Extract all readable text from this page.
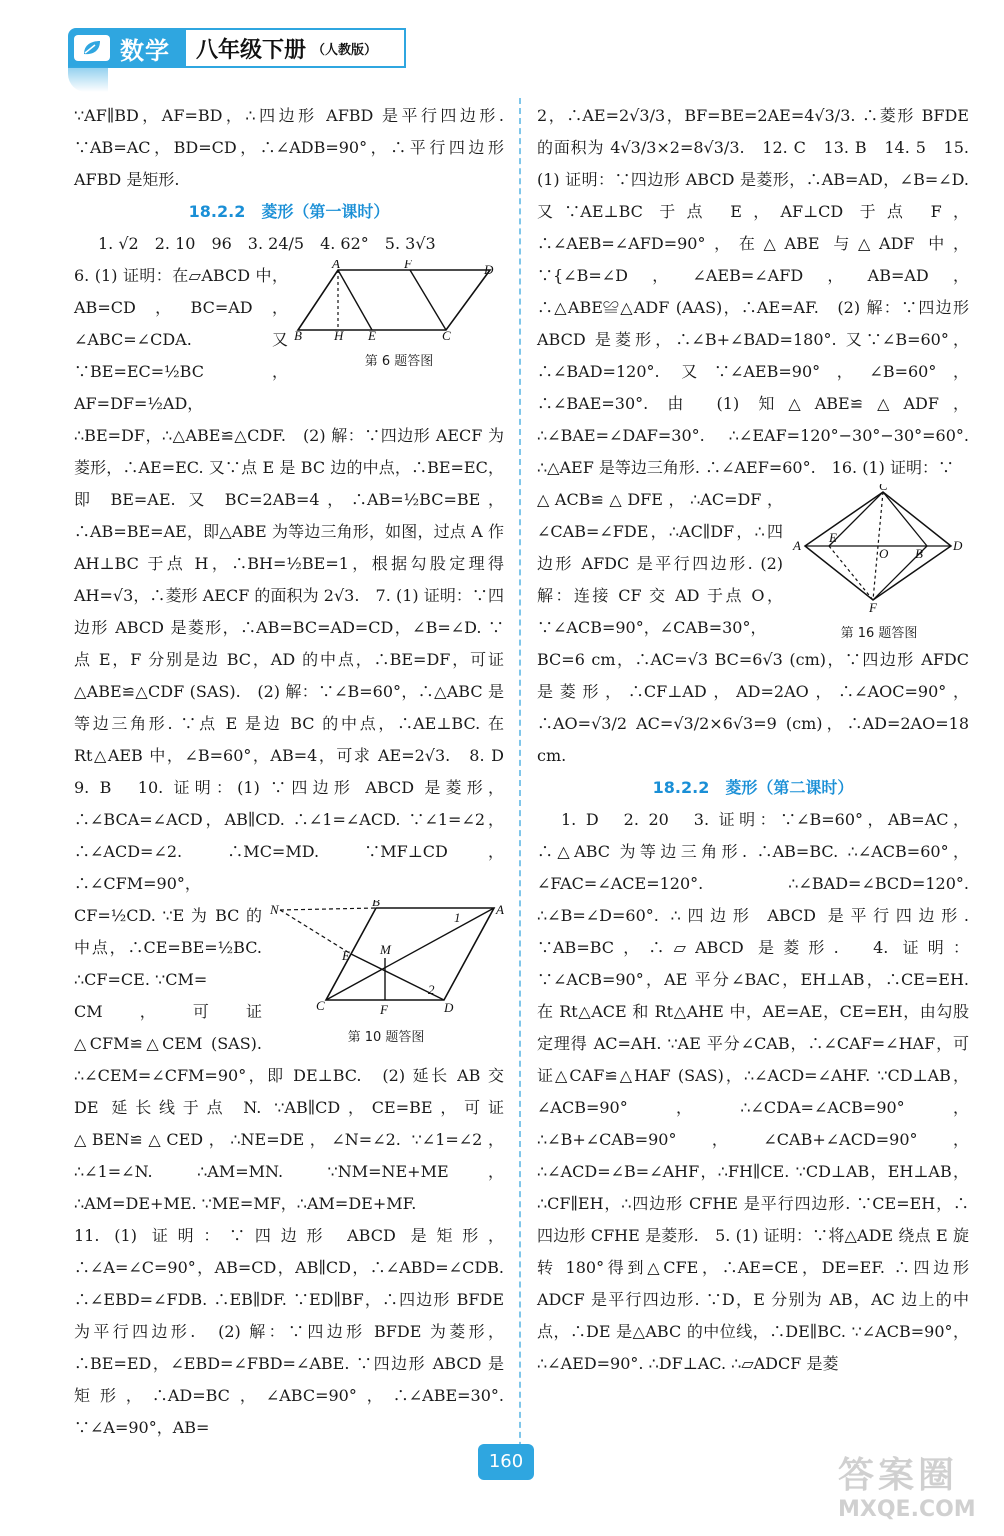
数学 八年级下册 （人教版）

∵AF∥BD，AF=BD，∴四边形 AFBD 是平行四边形. ∵AB=AC，BD=CD，∴∠ADB=90°，∴平行四边形 AFBD 是矩形.

18.2.2　菱形（第一课时）

1. √2　2. 10　96　3. 24/5　4. 62°　5. 3√3

A	F	D
B H E	C
第 6 题答图

6. (1) 证明：在▱ABCD 中，AB=CD，BC=AD，∠ABC=∠CDA. 又∵BE=EC=½BC，AF=DF=½AD，

∴BE=DF，∴△ABE≌△CDF.　(2) 解：∵四边形 AECF 为菱形，∴AE=EC. 又∵点 E 是 BC 边的中点，∴BE=EC，即 BE=AE. 又 BC=2AB=4，∴AB=½BC=BE，∴AB=BE=AE，即△ABE 为等边三角形，如图，过点 A 作 AH⊥BC 于点 H，∴BH=½BE=1，根据勾股定理得 AH=√3，∴菱形 AECF 的面积为 2√3.　7. (1) 证明：∵四边形 ABCD 是菱形，∴AB=BC=AD=CD，∠B=∠D. ∵点 E，F 分别是边 BC，AD 的中点，∴BE=DF，可证△ABE≌△CDF (SAS).　(2) 解：∵∠B=60°，∴△ABC 是等边三角形. ∵点 E 是边 BC 的中点，∴AE⊥BC. 在 Rt△AEB 中，∠B=60°，AB=4，可求 AE=2√3.　8. D　9. B　10. 证明：(1) ∵四边形 ABCD 是菱形，∴∠BCA=∠ACD，AB∥CD. ∴∠1=∠ACD. ∵∠1=∠2，∴∠ACD=∠2. ∴MC=MD. ∵MF⊥CD，∴∠CFM=90°，

N
B
A
E M
C	F	D
1
2
第 10 题答图

CF=½CD. ∵E 为 BC 的中点，∴CE=BE=½BC. ∴CF=CE. ∵CM=

CM，可证△CFM≌△CEM (SAS). ∴∠CEM=∠CFM=90°，即 DE⊥BC.　(2) 延长 AB 交 DE 延长线于点 N. ∵AB∥CD，CE=BE，可证△BEN≌△CED，∴NE=DE，∠N=∠2. ∵∠1=∠2，∴∠1=∠N. ∴AM=MN. ∵NM=NE+ME，∴AM=DE+ME. ∵ME=MF，∴AM=DE+MF.

11. (1) 证明：∵四边形 ABCD 是矩形，∴∠A=∠C=90°，AB=CD，AB∥CD，∴∠ABD=∠CDB. ∴∠EBD=∠FDB. ∴EB∥DF. ∵ED∥BF，∴四边形 BFDE 为平行四边形.　(2) 解：∵四边形 BFDE 为菱形，∴BE=ED，∠EBD=∠FBD=∠ABE. ∵四边形 ABCD 是矩形，∴AD=BC，∠ABC=90°，∴∠ABE=30°. ∵∠A=90°，AB=

2，∴AE=2√3/3，BF=BE=2AE=4√3/3. ∴菱形 BFDE 的面积为 4√3/3×2=8√3/3.　12. C　13. B　14. 5　15. (1) 证明：∵四边形 ABCD 是菱形，∴AB=AD，∠B=∠D. 又∵AE⊥BC 于点 E，AF⊥CD 于点 F，∴∠AEB=∠AFD=90°，在△ABE 与△ADF 中，∵{∠B=∠D，∠AEB=∠AFD，AB=AD，∴△ABE≌△ADF (AAS)，∴AE=AF.　(2) 解：∵四边形 ABCD 是菱形，∴∠B+∠BAD=180°. 又∵∠B=60°，∴∠BAD=120°. 又∵∠AEB=90°，∠B=60°，∴∠BAE=30°. 由 (1) 知△ABE≌△ADF，∴∠BAE=∠DAF=30°. ∴∠EAF=120°−30°−30°=60°. ∴△AEF 是等边三角形. ∴∠AEF=60°.　16. (1) 证明：∵

A
C
D
E
O B
F
第 16 题答图

△ACB≌△DFE，∴AC=DF，∠CAB=∠FDE，∴AC∥DF，∴四边形 AFDC 是平行四边形. (2) 解：连接 CF 交 AD 于点 O，∵∠ACB=90°，∠CAB=30°，

BC=6 cm，∴AC=√3 BC=6√3 (cm)，∵四边形 AFDC 是菱形，∴CF⊥AD，AD=2AO，∴∠AOC=90°，∴AO=√3/2 AC=√3/2×6√3=9 (cm)，∴AD=2AO=18 cm.

18.2.2　菱形（第二课时）

1. D　2. 20　3. 证明：∵∠B=60°，AB=AC，∴△ABC 为等边三角形. ∴AB=BC. ∴∠ACB=60°，∠FAC=∠ACE=120°. ∴∠BAD=∠BCD=120°. ∴∠B=∠D=60°. ∴四边形 ABCD 是平行四边形. ∵AB=BC，∴▱ABCD 是菱形.　4. 证明：∵∠ACB=90°，AE 平分∠BAC，EH⊥AB，∴CE=EH. 在 Rt△ACE 和 Rt△AHE 中，AE=AE，CE=EH，由勾股定理得 AC=AH. ∵AE 平分∠CAB，∴∠CAF=∠HAF，可证△CAF≌△HAF (SAS)，∴∠ACD=∠AHF. ∵CD⊥AB，∠ACB=90°，∴∠CDA=∠ACB=90°，∴∠B+∠CAB=90°，∠CAB+∠ACD=90°，∴∠ACD=∠B=∠AHF，∴FH∥CE. ∵CD⊥AB，EH⊥AB，∴CF∥EH，∴四边形 CFHE 是平行四边形. ∵CE=EH，∴四边形 CFHE 是菱形.　5. (1) 证明：∵将△ADE 绕点 E 旋转 180°得到△CFE，∴AE=CE，DE=EF. ∴四边形 ADCF 是平行四边形. ∵D，E 分别为 AB，AC 边上的中点，∴DE 是△ABC 的中位线，∴DE∥BC. ∵∠ACB=90°，∴∠AED=90°. ∴DF⊥AC. ∴▱ADCF 是菱

160	答案圈
MXQE.COM
